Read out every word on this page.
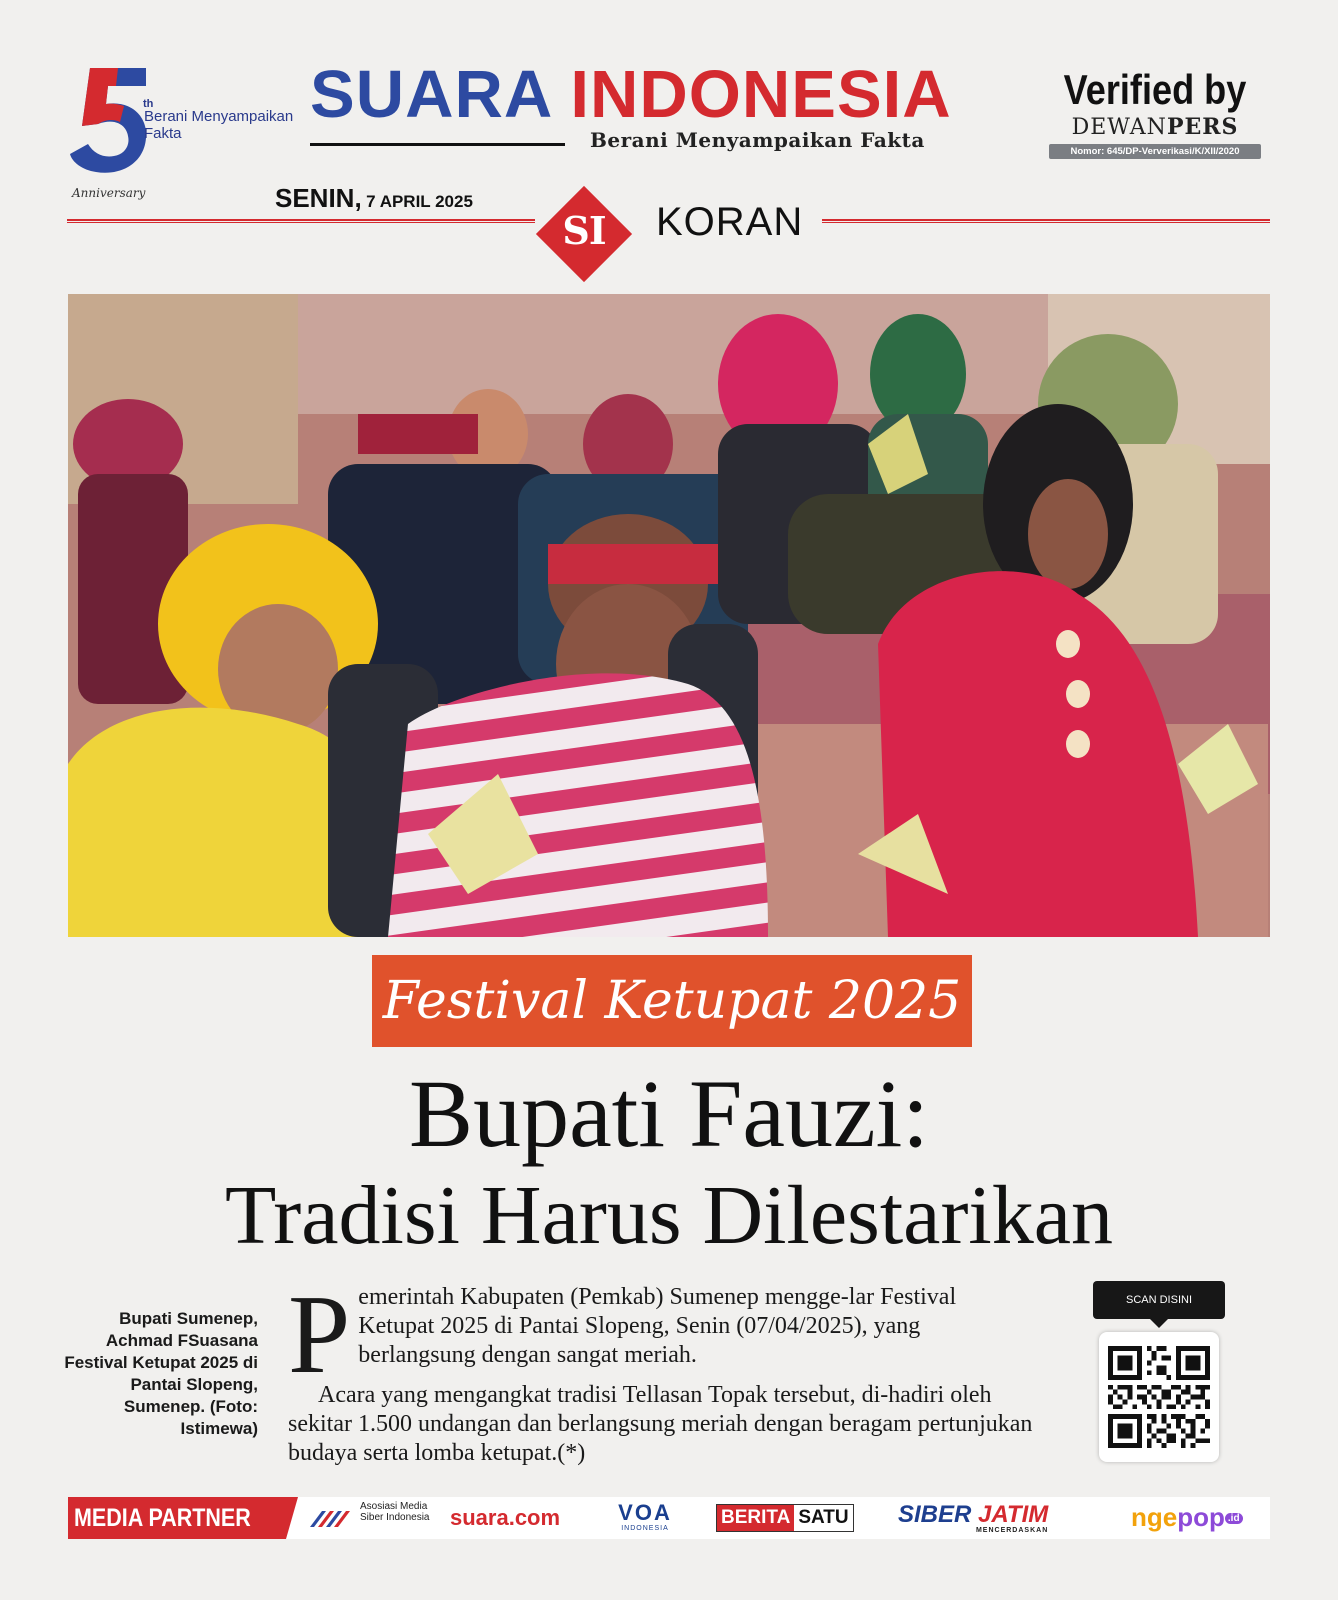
th
Berani Menyampaikan Fakta
Anniversary
SUARA INDONESIA
Berani Menyampaikan Fakta
Verified by
DEWANPERS
Nomor: 645/DP-Ververikasi/K/XII/2020
SENIN, 7 APRIL 2025
SI	KORAN
Festival Ketupat 2025
Bupati Fauzi:
Tradisi Harus Dilestarikan
Bupati Sumenep, Achmad FSuasana Festival Ketupat 2025 di Pantai Slopeng, Sumenep. (Foto: Istimewa)
P emerintah Kabupaten (Pemkab) Sumenep mengge-lar Festival Ketupat 2025 di Pantai Slopeng, Senin (07/04/2025), yang berlangsung dengan sangat meriah.

Acara yang mengangkat tradisi Tellasan Topak tersebut, di-hadiri oleh sekitar 1.500 undangan dan berlangsung meriah dengan beragam pertunjukan budaya serta lomba ketupat.(*)

SCAN DISINI
MEDIA PARTNER	Asosiasi Media Siber Indonesia suara.com	VOA
INDONESIA
BERITA SATU SIBER JATIM
MENCERDASKAN	ngepop .id
